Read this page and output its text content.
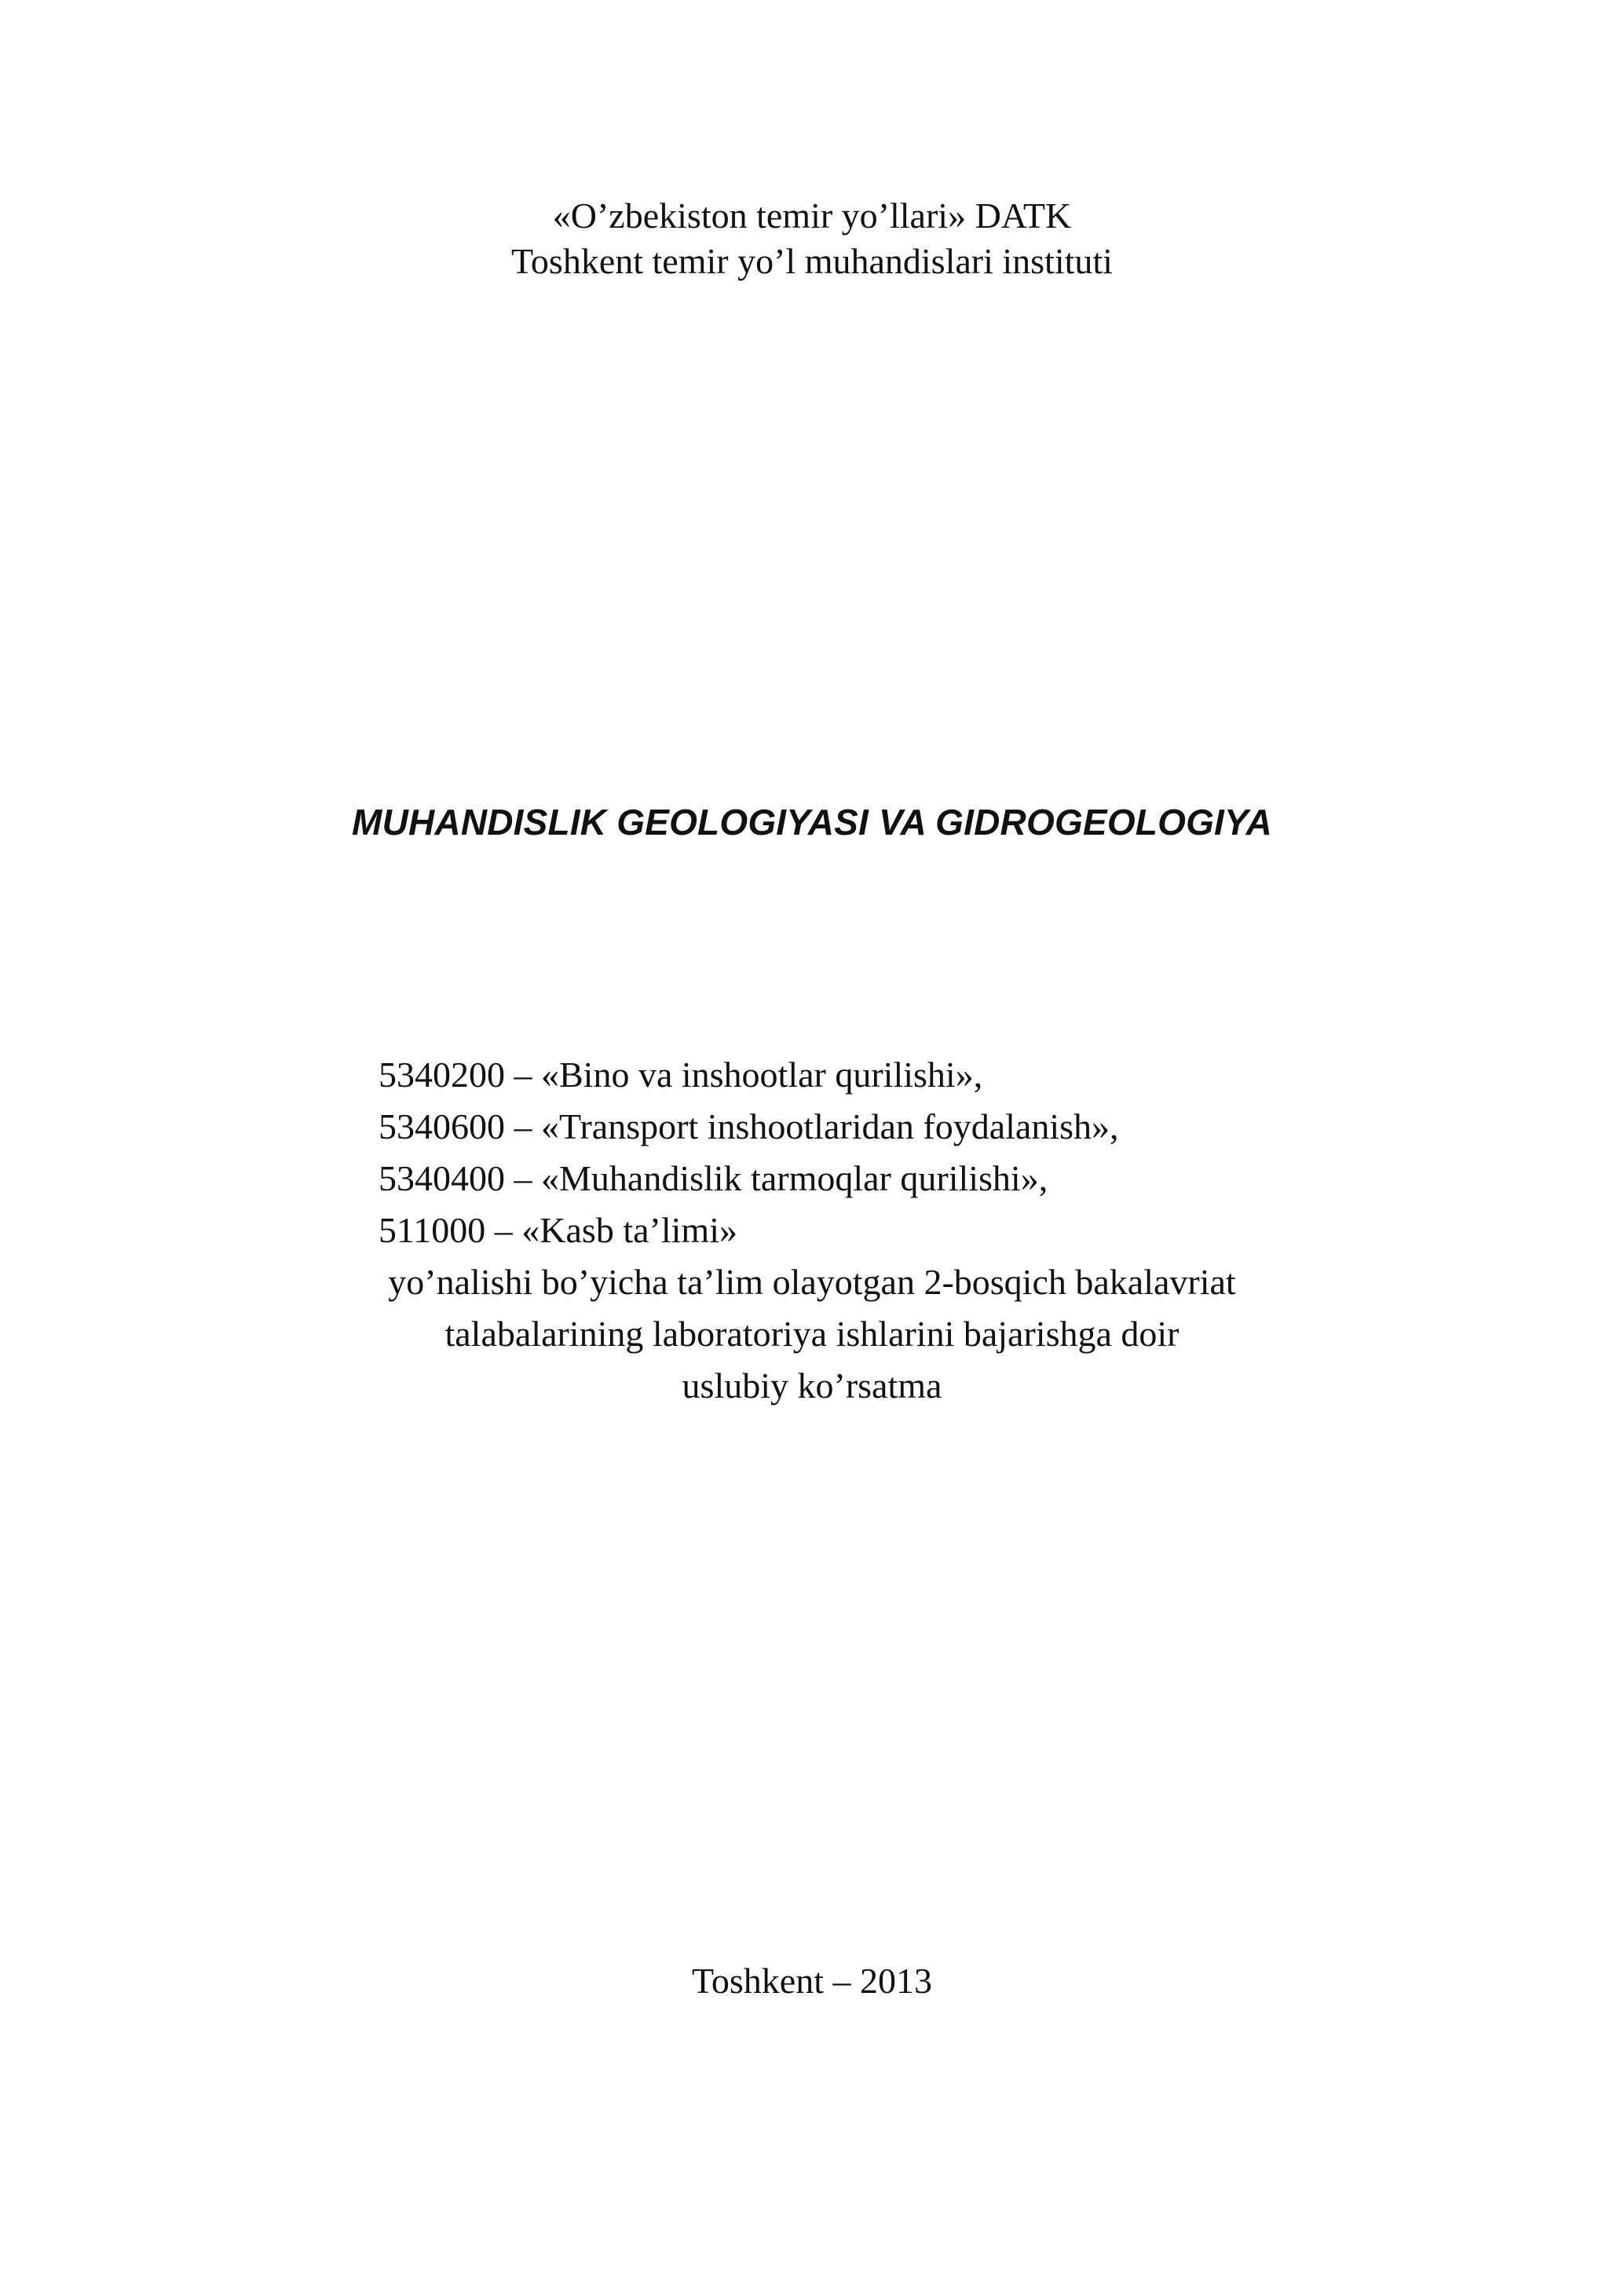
«O’zbekiston temir yo’llari» DATK
Toshkent temir yo’l muhandislari instituti
MUHANDISLIK GEOLOGIYASI VA GIDROGEOLOGIYA
5340200 – «Bino va inshootlar qurilishi»,
5340600 – «Transport inshootlaridan foydalanish»,
5340400 – «Muhandislik tarmoqlar qurilishi»,
511000 – «Kasb ta’limi»
yo’nalishi bo’yicha ta’lim olayotgan 2-bosqich bakalavriat
talabalarining laboratoriya ishlarini bajarishga doir
uslubiy ko’rsatma
Toshkent – 2013
